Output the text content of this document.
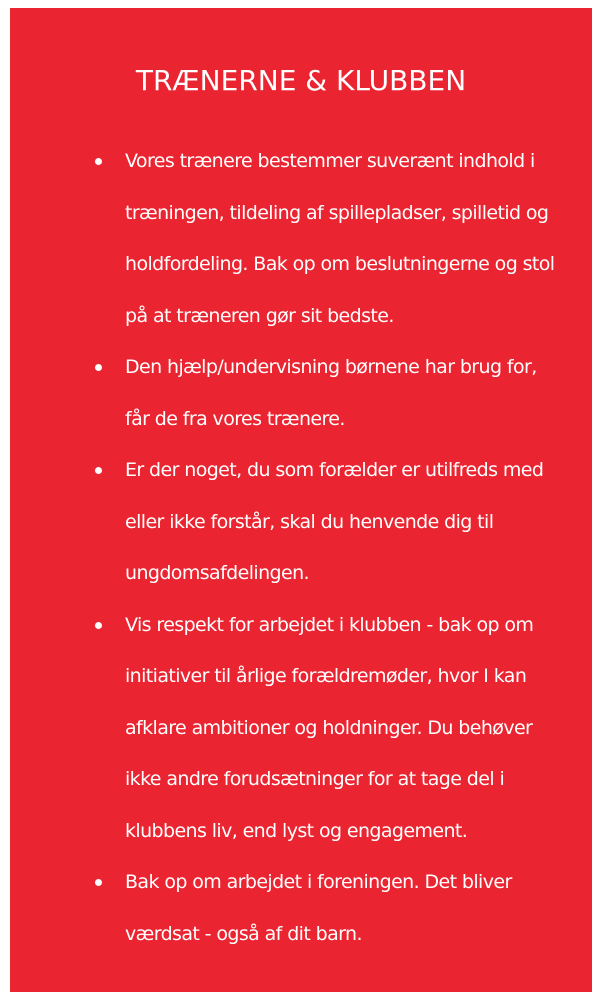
TRÆNERNE & KLUBBEN
Vores trænere bestemmer suverænt indhold i træningen, tildeling af spillepladser, spilletid og holdfordeling. Bak op om beslutningerne og stol på at træneren gør sit bedste.
Den hjælp/undervisning børnene har brug for, får de fra vores trænere.
Er der noget, du som forælder er utilfreds med eller ikke forstår, skal du henvende dig til ungdomsafdelingen.
Vis respekt for arbejdet i klubben - bak op om initiativer til årlige forældremøder, hvor I kan afklare ambitioner og holdninger. Du behøver ikke andre forudsætninger for at tage del i klubbens liv, end lyst og engagement.
Bak op om arbejdet i foreningen. Det bliver værdsat - også af dit barn.
